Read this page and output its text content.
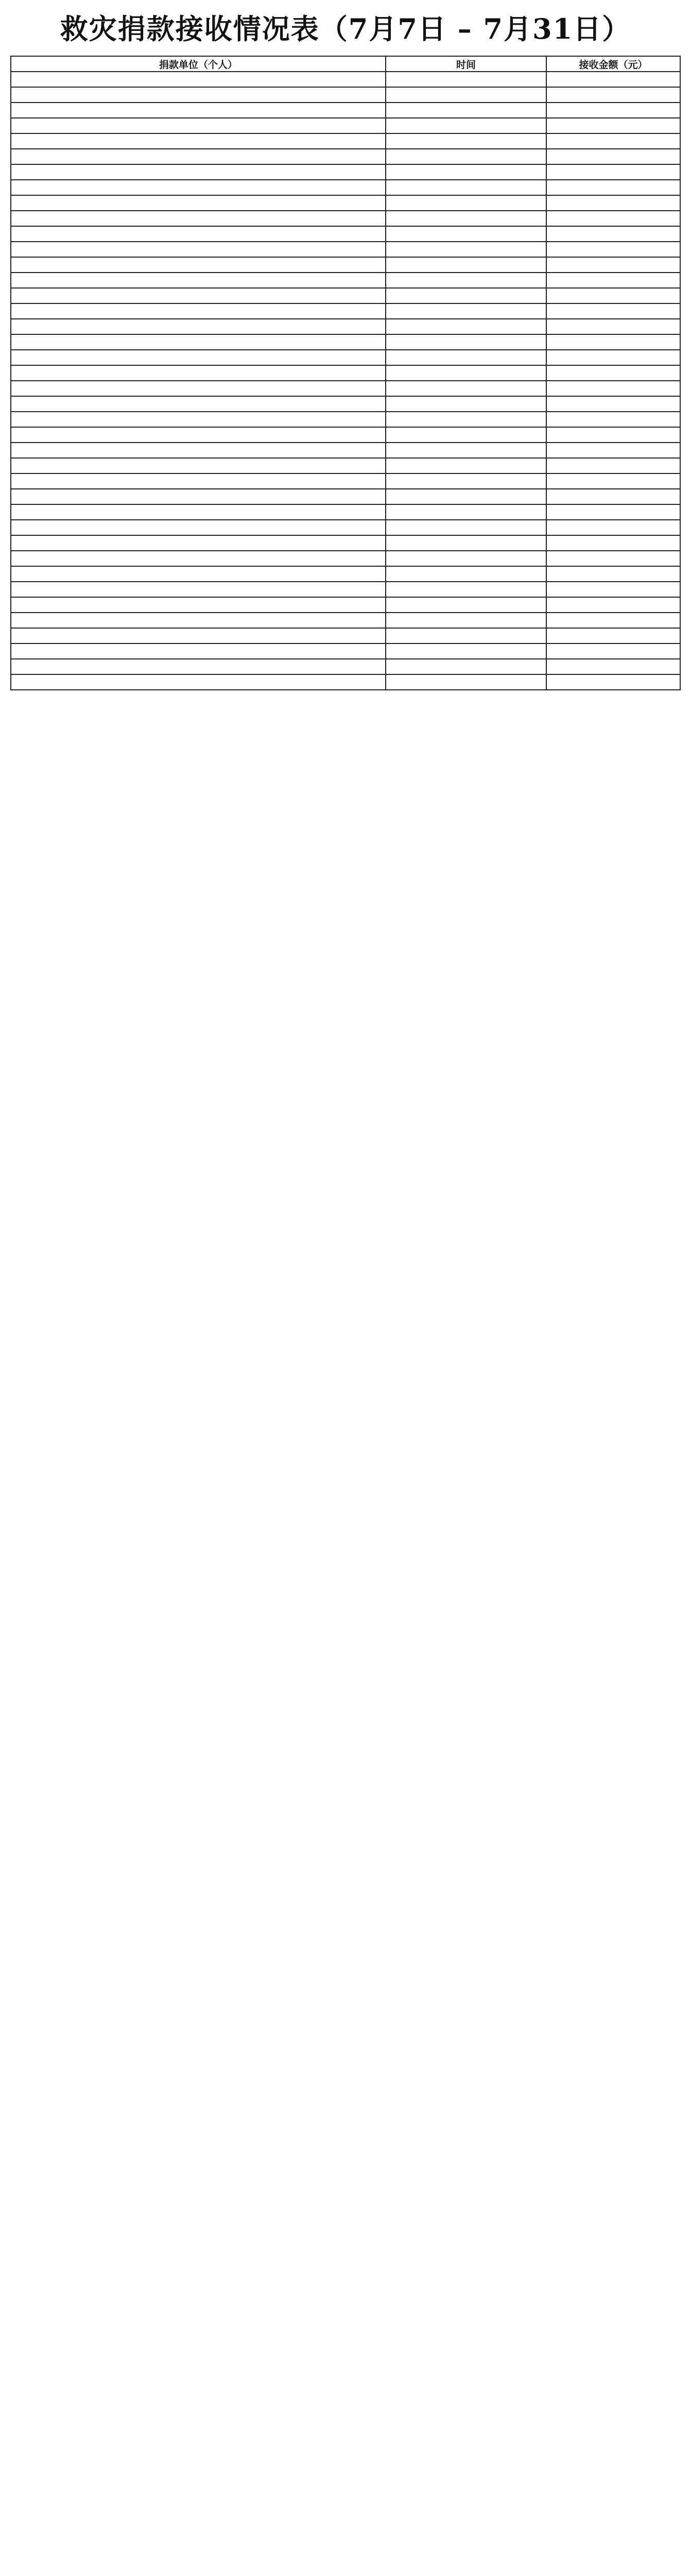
救灾捐款接收情况表（7月7日 – 7月31日）
捐款单位（个人）	时间	接收金额（元）
